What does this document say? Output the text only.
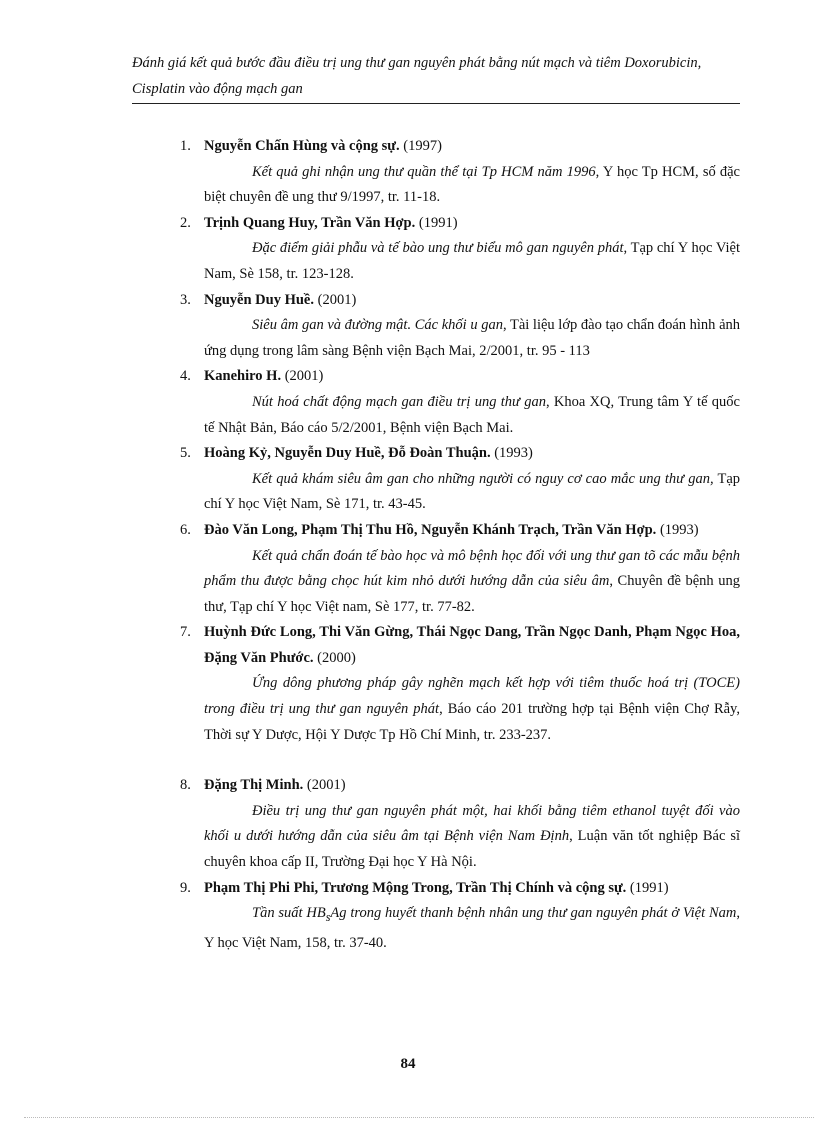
Đánh giá kết quả bước đầu điều trị ung thư gan nguyên phát bằng nút mạch và tiêm Doxorubicin, Cisplatin vào động mạch gan
1. Nguyễn Chấn Hùng và cộng sự. (1997)
Kết quả ghi nhận ung thư quần thể tại Tp HCM năm 1996, Y học Tp HCM, số đặc biệt chuyên đề ung thư 9/1997, tr. 11-18.
2. Trịnh Quang Huy, Trần Văn Hợp. (1991)
Đặc điểm giải phẫu và tế bào ung thư biểu mô gan nguyên phát, Tạp chí Y học Việt Nam, Sè 158, tr. 123-128.
3. Nguyễn Duy Huề. (2001)
Siêu âm gan và đường mật. Các khối u gan, Tài liệu lớp đào tạo chẩn đoán hình ảnh ứng dụng trong lâm sàng Bệnh viện Bạch Mai, 2/2001, tr. 95 - 113
4. Kanehiro H. (2001)
Nút hoá chất động mạch gan điều trị ung thư gan, Khoa XQ, Trung tâm Y tế quốc tế Nhật Bản, Báo cáo 5/2/2001, Bệnh viện Bạch Mai.
5. Hoàng Kỷ, Nguyễn Duy Huề, Đỗ Đoàn Thuận. (1993)
Kết quả khám siêu âm gan cho những người có nguy cơ cao mắc ung thư gan, Tạp chí Y học Việt Nam, Sè 171, tr. 43-45.
6. Đào Văn Long, Phạm Thị Thu Hồ, Nguyễn Khánh Trạch, Trần Văn Hợp. (1993)
Kết quả chẩn đoán tế bào học và mô bệnh học đối với ung thư gan tõ các mẫu bệnh phẩm thu được bằng chọc hút kim nhỏ dưới hướng dẫn của siêu âm, Chuyên đề bệnh ung thư, Tạp chí Y học Việt nam, Sè 177, tr. 77-82.
7. Huỳnh Đức Long, Thi Văn Gừng, Thái Ngọc Dang, Trần Ngọc Danh, Phạm Ngọc Hoa, Đặng Văn Phước. (2000)
Ứng dông phương pháp gây nghẽn mạch kết hợp với tiêm thuốc hoá trị (TOCE) trong điều trị ung thư gan nguyên phát, Báo cáo 201 trường hợp tại Bệnh viện Chợ Rẫy, Thời sự Y Dược, Hội Y Dược Tp Hồ Chí Minh, tr. 233-237.
8. Đặng Thị Minh. (2001)
Điều trị ung thư gan nguyên phát một, hai khối bằng tiêm ethanol tuyệt đối vào khối u dưới hướng dẫn của siêu âm tại Bệnh viện Nam Định, Luận văn tốt nghiệp Bác sĩ chuyên khoa cấp II, Trường Đại học Y Hà Nội.
9. Phạm Thị Phi Phi, Trương Mộng Trong, Trần Thị Chính và cộng sự. (1991)
Tần suất $HB_sAg$ trong huyết thanh bệnh nhân ung thư gan nguyên phát ở Việt Nam, Y học Việt Nam, 158, tr. 37-40.
84
